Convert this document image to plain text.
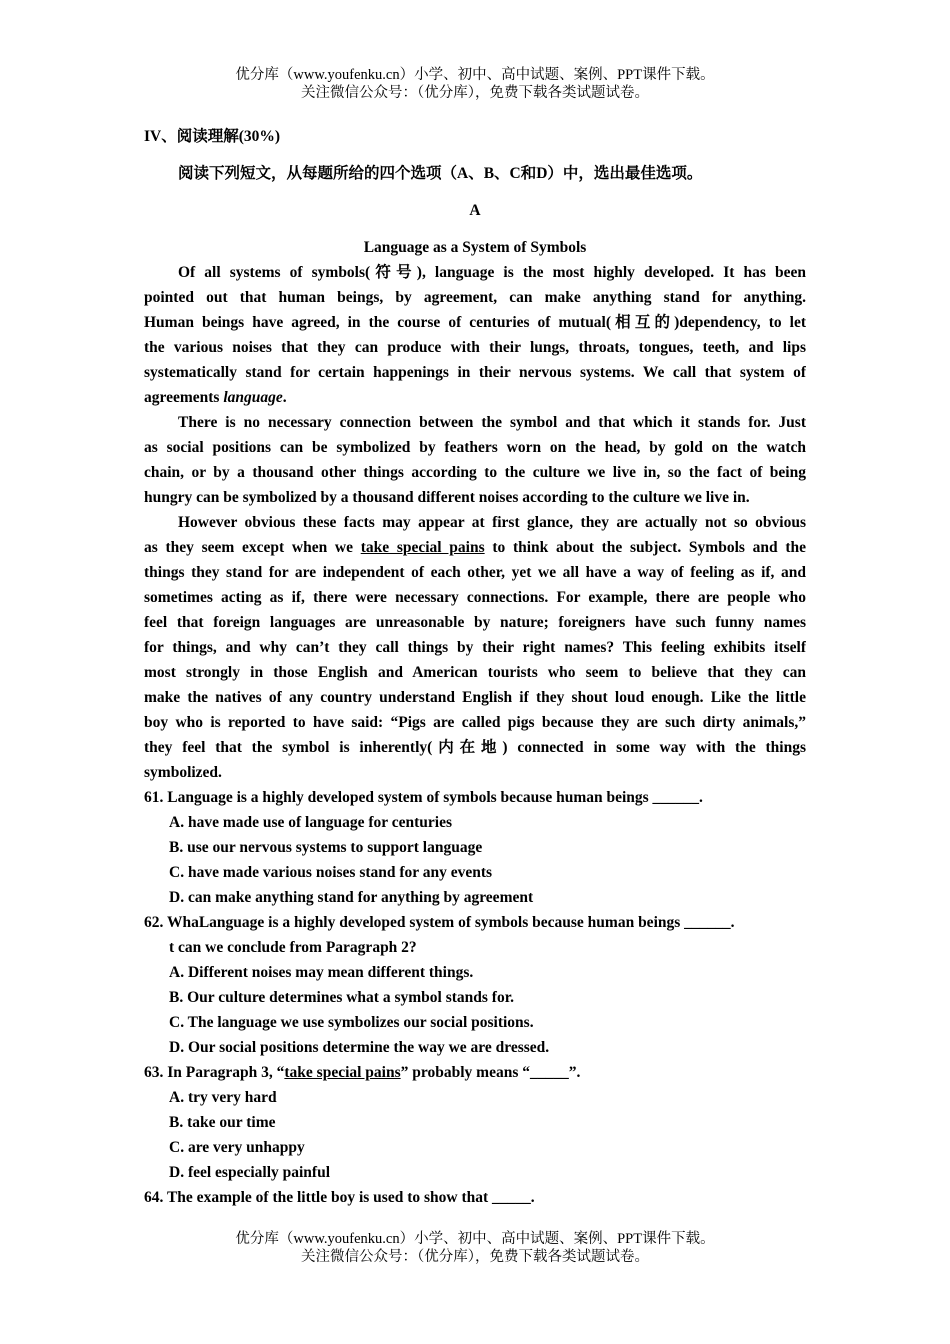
优分库（www.youfenku.cn）小学、初中、高中试题、案例、PPT课件下载。
关注微信公众号：（优分库），免费下载各类试题试卷。
IV、阅读理解(30%)
阅读下列短文，从每题所给的四个选项（A、B、C和D）中，选出最佳选项。
A
Language as a System of Symbols
Of all systems of symbols(符号), language is the most highly developed. It has been
pointed out that human beings, by agreement, can make anything stand for anything.
Human beings have agreed, in the course of centuries of mutual(相互的)dependency, to let
the various noises that they can produce with their lungs, throats, tongues, teeth, and lips
systematically stand for certain happenings in their nervous systems. We call that system of
agreements language.
There is no necessary connection between the symbol and that which it stands for. Just
as social positions can be symbolized by feathers worn on the head, by gold on the watch
chain, or by a thousand other things according to the culture we live in, so the fact of being
hungry can be symbolized by a thousand different noises according to the culture we live in.
However obvious these facts may appear at first glance, they are actually not so obvious
as they seem except when we take special pains to think about the subject. Symbols and the
things they stand for are independent of each other, yet we all have a way of feeling as if, and
sometimes acting as if, there were necessary connections. For example, there are people who
feel that foreign languages are unreasonable by nature; foreigners have such funny names
for things, and why can’t they call things by their right names? This feeling exhibits itself
most strongly in those English and American tourists who seem to believe that they can
make the natives of any country understand English if they shout loud enough. Like the little
boy who is reported to have said: “Pigs are called pigs because they are such dirty animals,”
they feel that the symbol is inherently(内在地) connected in some way with the things
symbolized.
61. Language is a highly developed system of symbols because human beings ______.
A. have made use of language for centuries
B. use our nervous systems to support language
C. have made various noises stand for any events
D. can make anything stand for anything by agreement
62. WhaLanguage is a highly developed system of symbols because human beings ______.
t can we conclude from Paragraph 2?
A. Different noises may mean different things.
B. Our culture determines what a symbol stands for.
C. The language we use symbolizes our social positions.
D. Our social positions determine the way we are dressed.
63. In Paragraph 3, “take special pains” probably means “_____”.
A. try very hard
B. take our time
C. are very unhappy
D. feel especially painful
64. The example of the little boy is used to show that _____.
优分库（www.youfenku.cn）小学、初中、高中试题、案例、PPT课件下载。
关注微信公众号：（优分库），免费下载各类试题试卷。
